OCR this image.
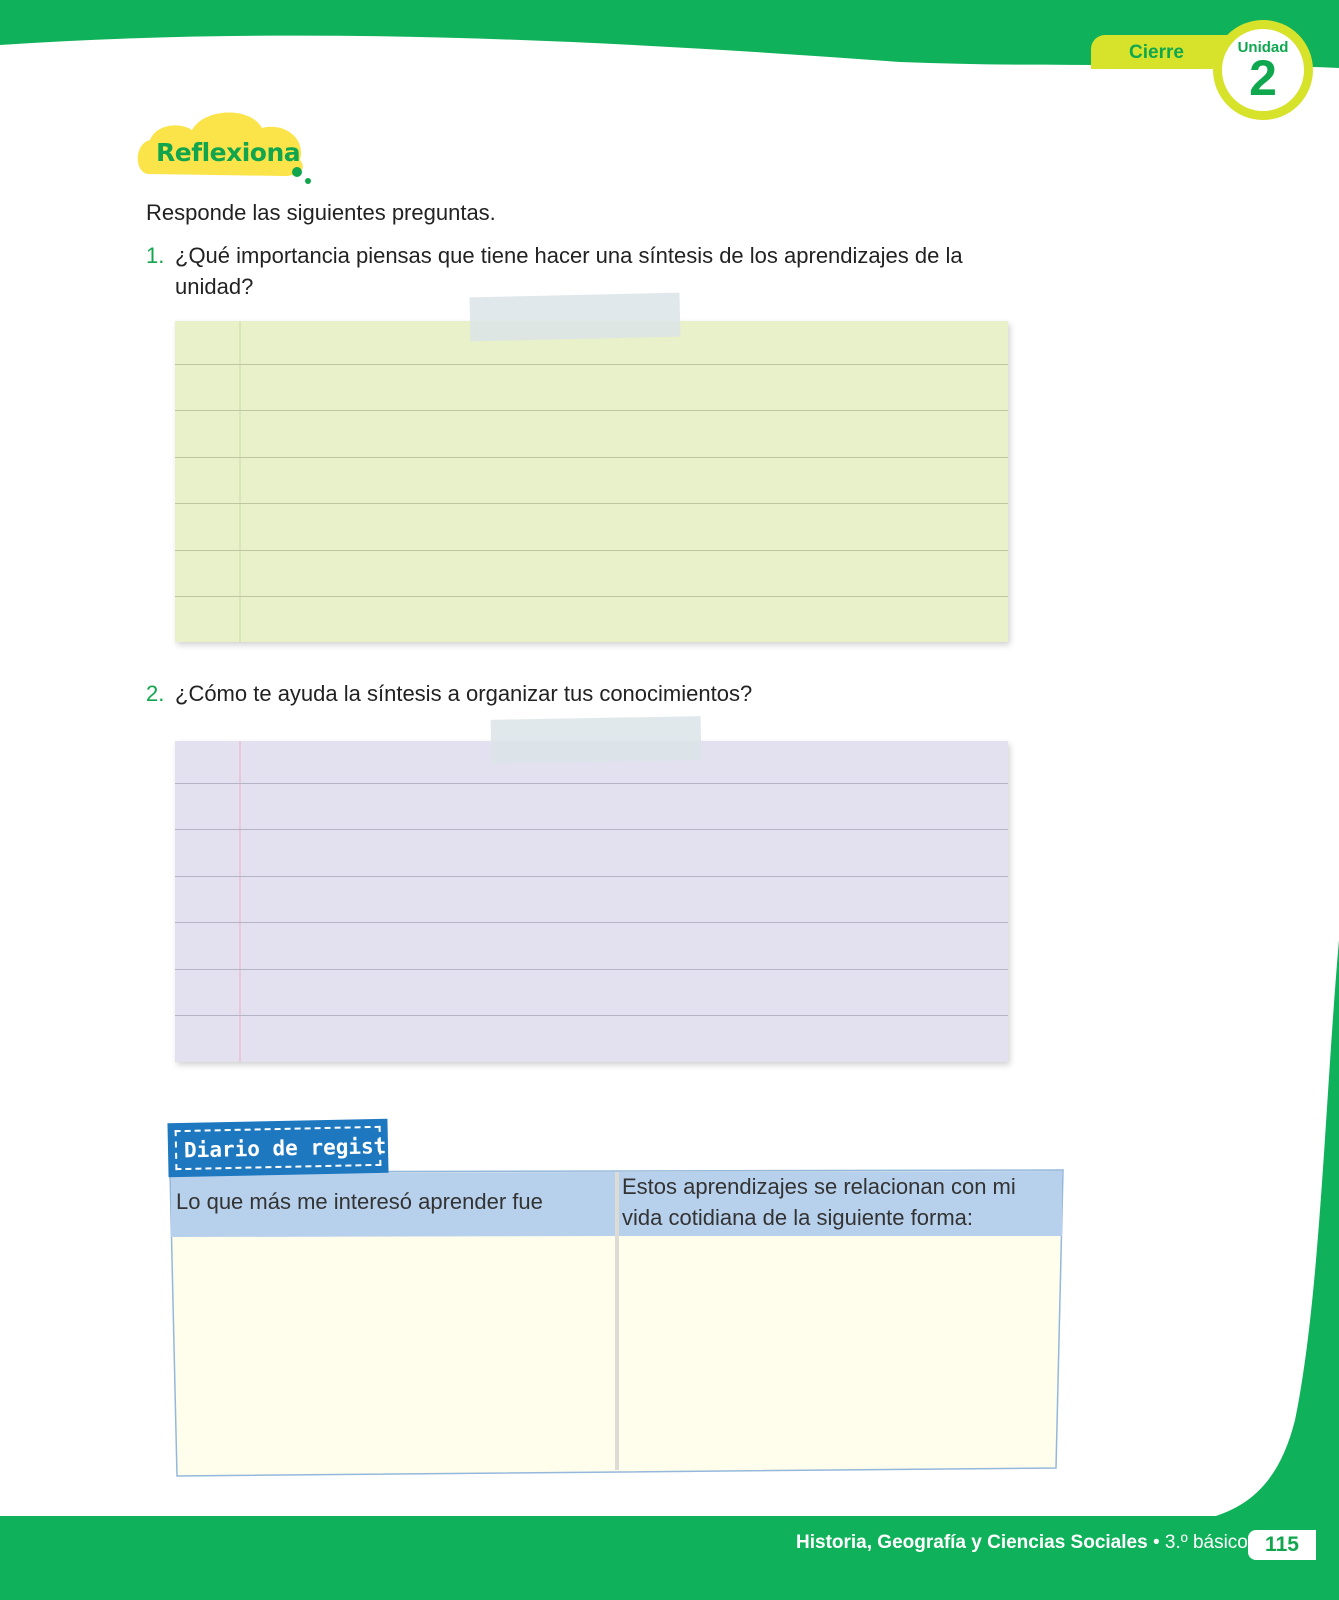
Cierre	Unidad
2
Reflexiona
Responde las siguientes preguntas.
1. ¿Qué importancia piensas que tiene hacer una síntesis de los aprendizajes de la unidad?
2. ¿Cómo te ayuda la síntesis a organizar tus conocimientos?
Diario de registro
Lo que más me interesó aprender fue
Estos aprendizajes se relacionan con mi vida cotidiana de la siguiente forma:
Historia, Geografía y Ciencias Sociales • 3.º básico 115
